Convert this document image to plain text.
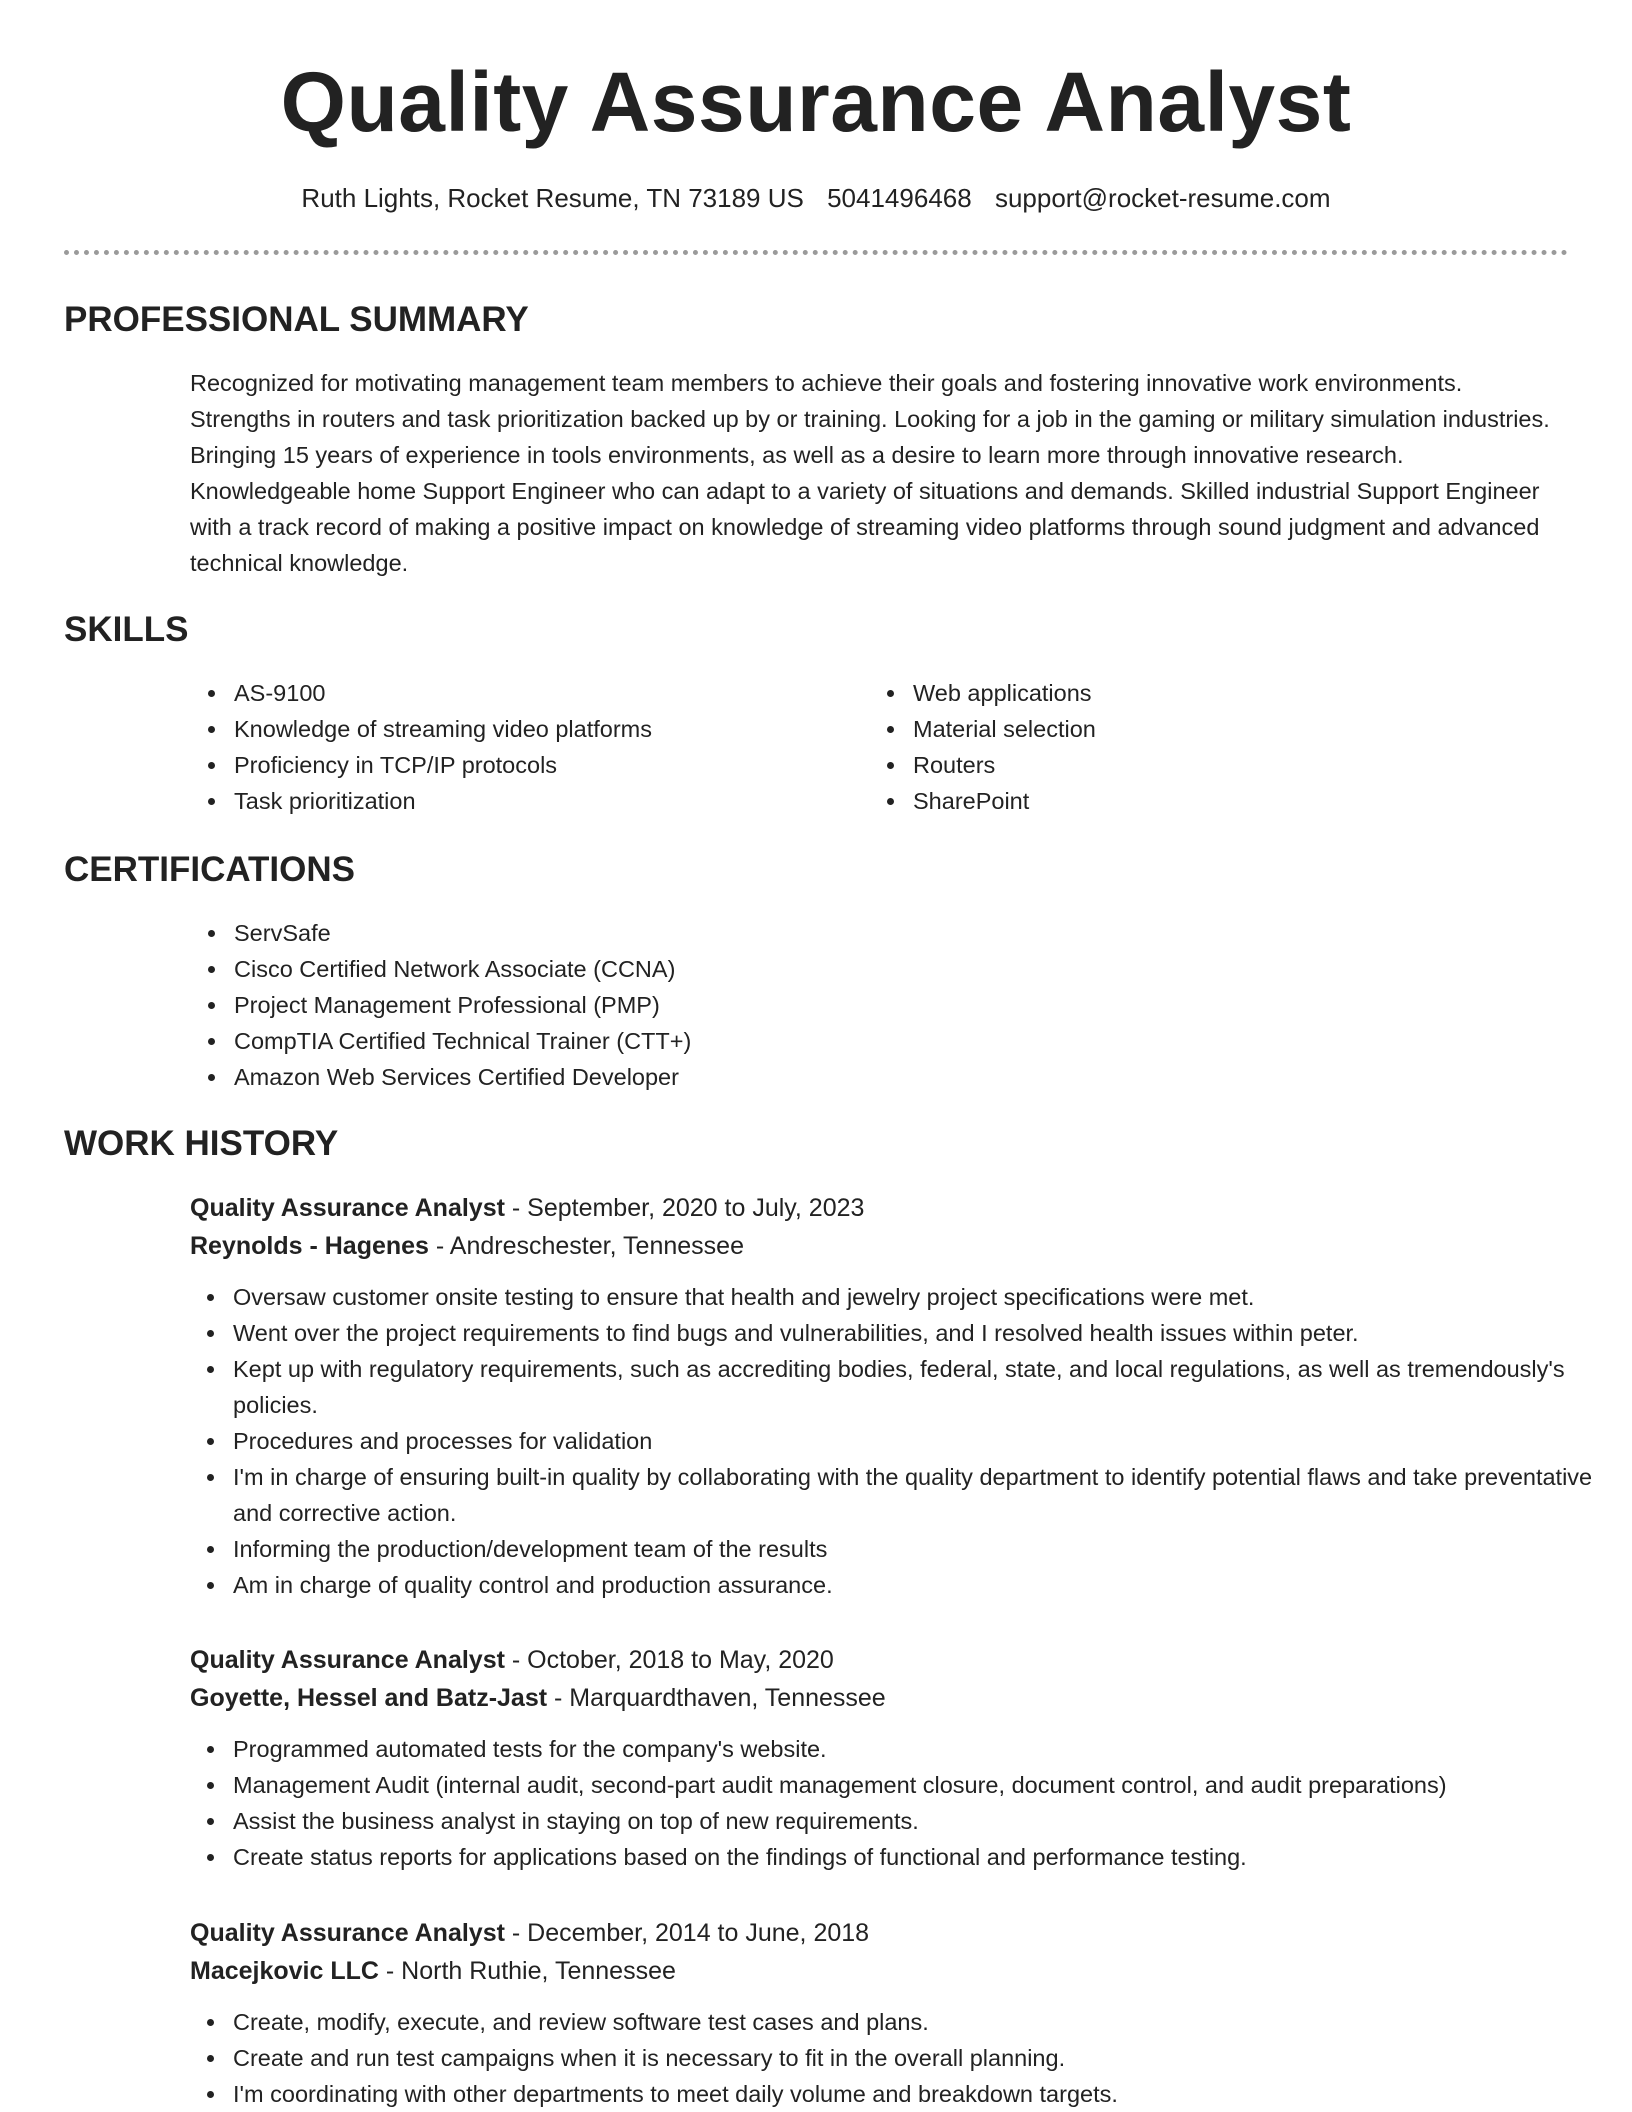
Quality Assurance Analyst
Ruth Lights, Rocket Resume, TN 73189 US 5041496468 support@rocket-resume.com
PROFESSIONAL SUMMARY
Recognized for motivating management team members to achieve their goals and fostering innovative work environments. Strengths in routers and task prioritization backed up by or training. Looking for a job in the gaming or military simulation industries. Bringing 15 years of experience in tools environments, as well as a desire to learn more through innovative research. Knowledgeable home Support Engineer who can adapt to a variety of situations and demands. Skilled industrial Support Engineer with a track record of making a positive impact on knowledge of streaming video platforms through sound judgment and advanced technical knowledge.
SKILLS
AS-9100
Knowledge of streaming video platforms
Proficiency in TCP/IP protocols
Task prioritization
Web applications
Material selection
Routers
SharePoint
CERTIFICATIONS
ServSafe
Cisco Certified Network Associate (CCNA)
Project Management Professional (PMP)
CompTIA Certified Technical Trainer (CTT+)
Amazon Web Services Certified Developer
WORK HISTORY
Quality Assurance Analyst - September, 2020 to July, 2023
Reynolds - Hagenes - Andreschester, Tennessee
Oversaw customer onsite testing to ensure that health and jewelry project specifications were met.
Went over the project requirements to find bugs and vulnerabilities, and I resolved health issues within peter.
Kept up with regulatory requirements, such as accrediting bodies, federal, state, and local regulations, as well as tremendously's policies.
Procedures and processes for validation
I'm in charge of ensuring built-in quality by collaborating with the quality department to identify potential flaws and take preventative and corrective action.
Informing the production/development team of the results
Am in charge of quality control and production assurance.
Quality Assurance Analyst - October, 2018 to May, 2020
Goyette, Hessel and Batz-Jast - Marquardthaven, Tennessee
Programmed automated tests for the company's website.
Management Audit (internal audit, second-part audit management closure, document control, and audit preparations)
Assist the business analyst in staying on top of new requirements.
Create status reports for applications based on the findings of functional and performance testing.
Quality Assurance Analyst - December, 2014 to June, 2018
Macejkovic LLC - North Ruthie, Tennessee
Create, modify, execute, and review software test cases and plans.
Create and run test campaigns when it is necessary to fit in the overall planning.
I'm coordinating with other departments to meet daily volume and breakdown targets.
